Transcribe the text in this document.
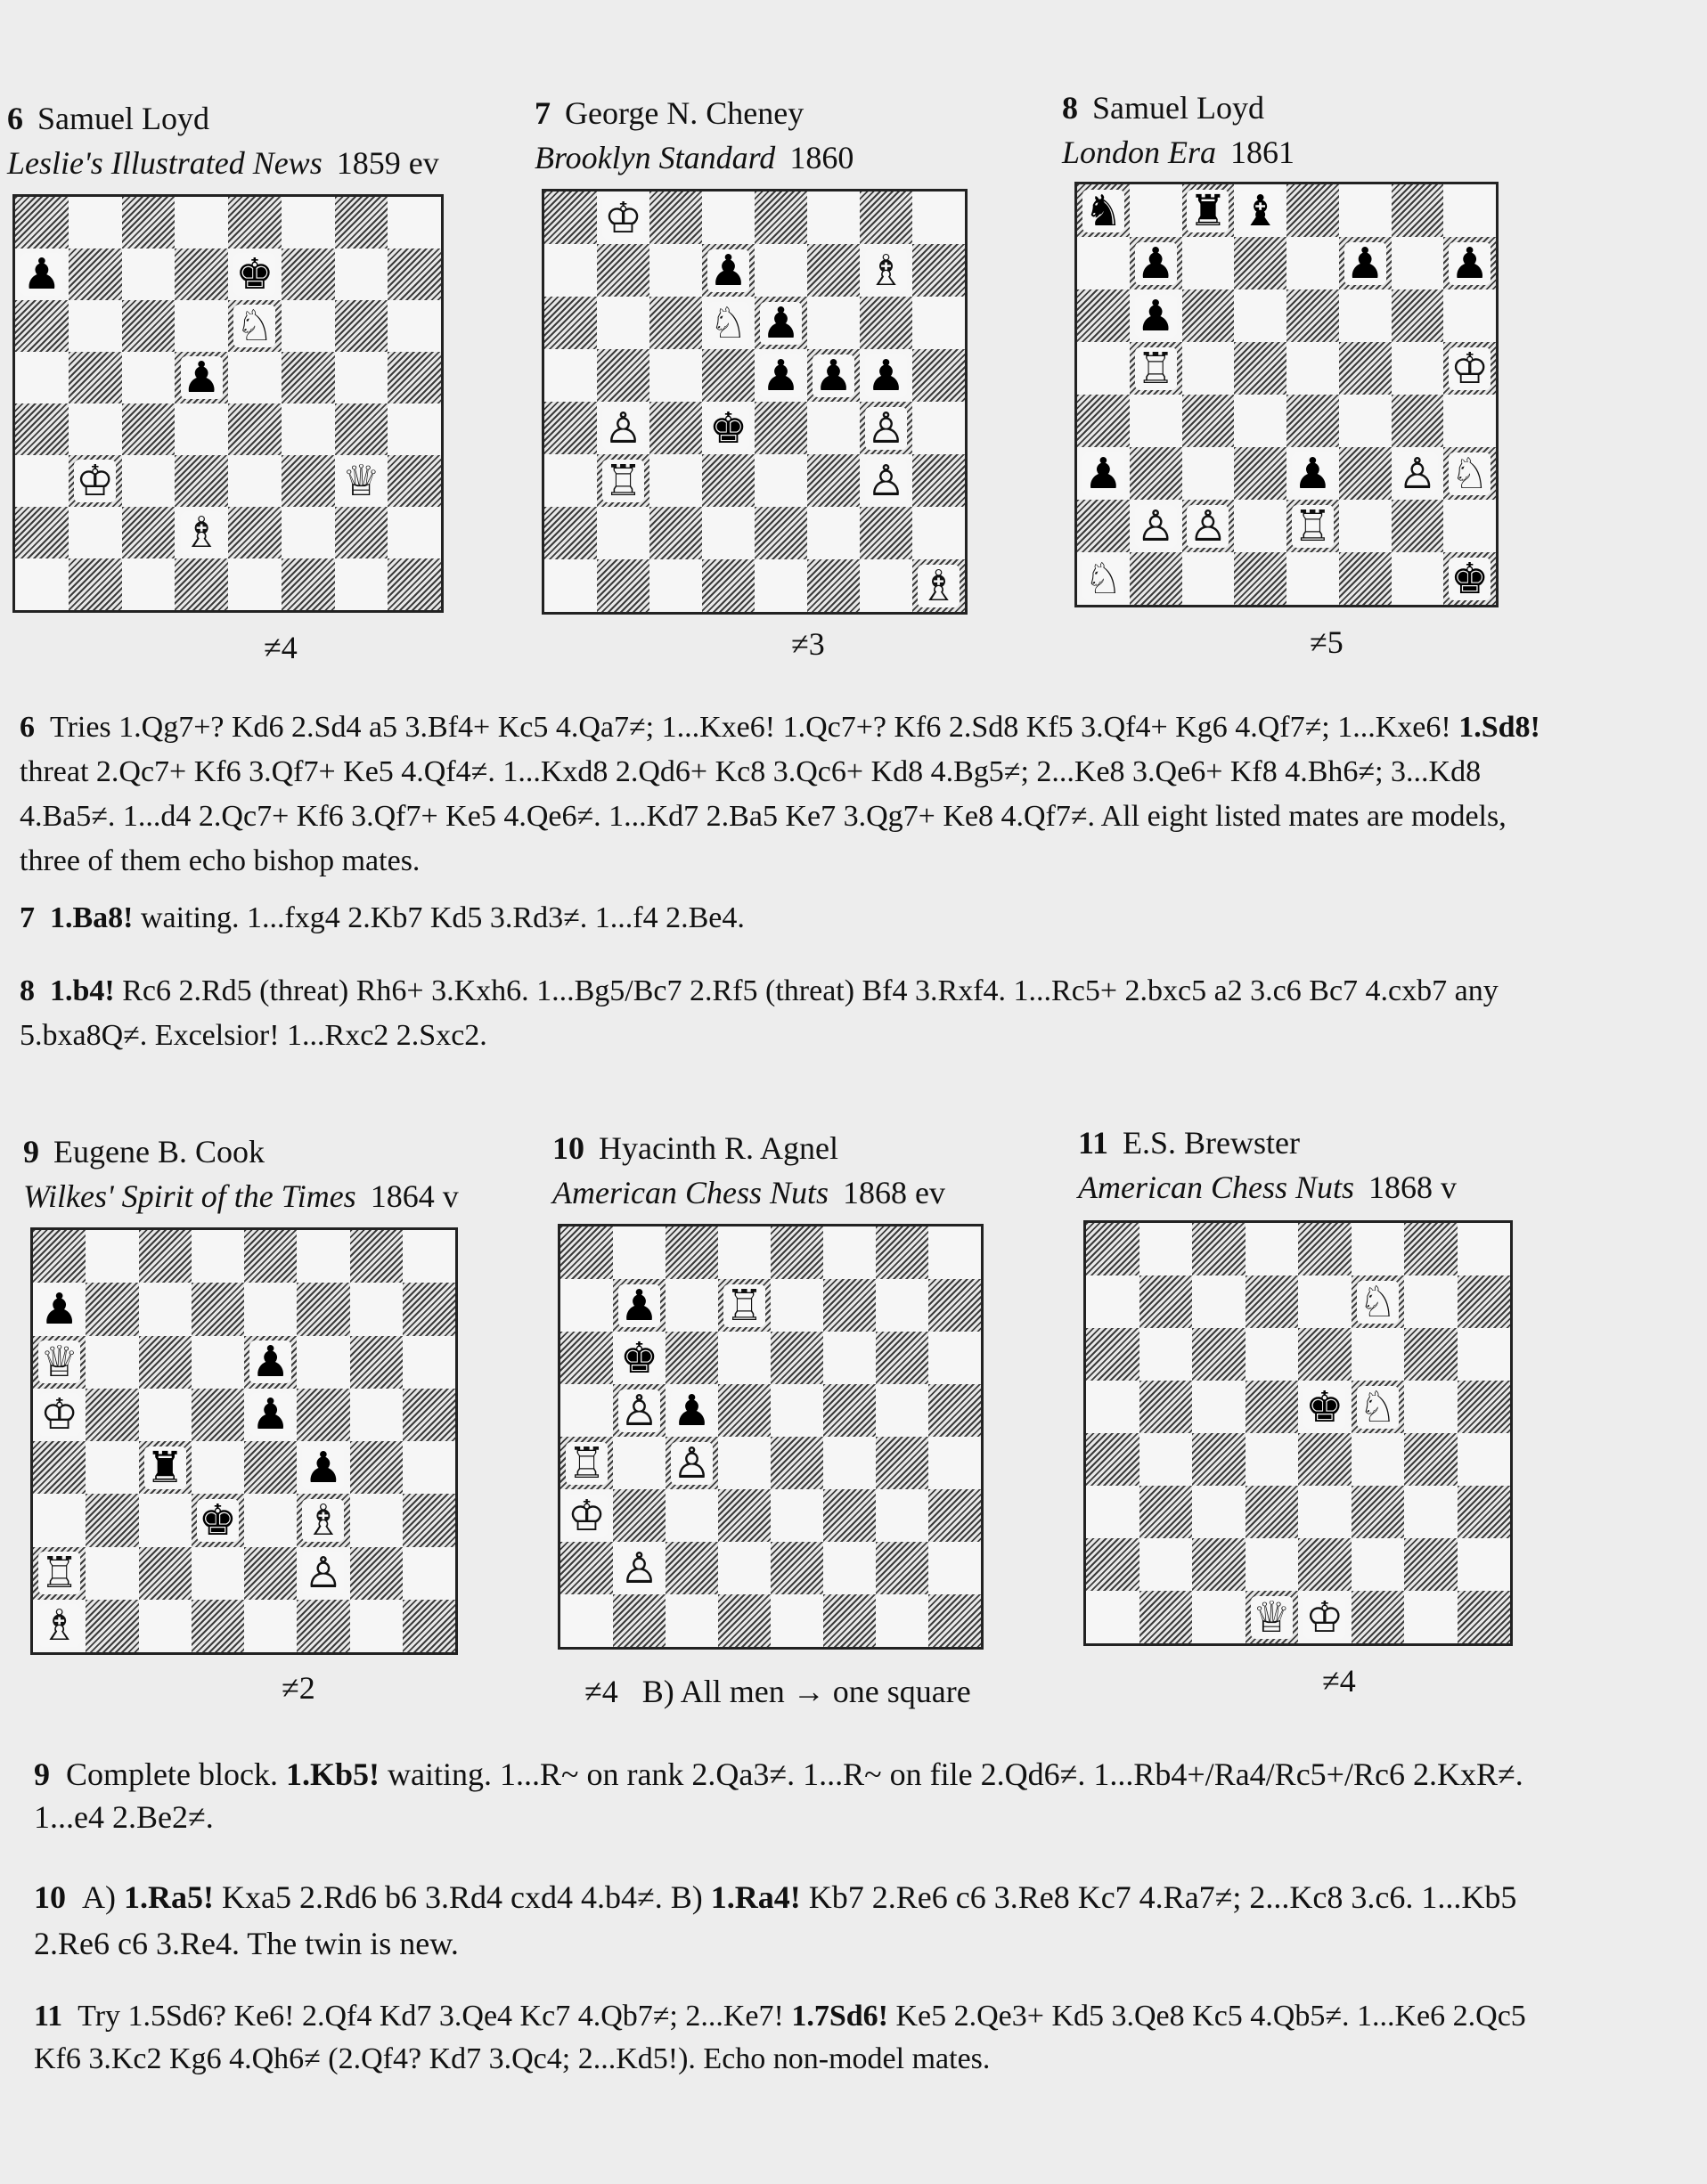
6 Samuel Loyd
Leslie's Illustrated News 1859 ev
7 George N. Cheney
Brooklyn Standard 1860
8 Samuel Loyd
London Era 1861
♟	♚
♘
♟
♔	♕
♗
♔
♟	♗
♘ ♟
♟ ♟ ♟
♙ ♚	♙
♖	♙
♗
♞ ♜ ♝
♟	♟ ♟
♟
♖	♔
♟	♟ ♙ ♘
♙ ♙ ♖
♘	♚
≠4	≠3	≠5

6 Tries 1.Qg7+? Kd6 2.Sd4 a5 3.Bf4+ Kc5 4.Qa7≠; 1...Kxe6! 1.Qc7+? Kf6 2.Sd8 Kf5 3.Qf4+ Kg6 4.Qf7≠; 1...Kxe6! 1.Sd8! threat 2.Qc7+ Kf6 3.Qf7+ Ke5 4.Qf4≠. 1...Kxd8 2.Qd6+ Kc8 3.Qc6+ Kd8 4.Bg5≠; 2...Ke8 3.Qe6+ Kf8 4.Bh6≠; 3...Kd8 4.Ba5≠. 1...d4 2.Qc7+ Kf6 3.Qf7+ Ke5 4.Qe6≠. 1...Kd7 2.Ba5 Ke7 3.Qg7+ Ke8 4.Qf7≠. All eight listed mates are models, three of them echo bishop mates.

7 1.Ba8! waiting. 1...fxg4 2.Kb7 Kd5 3.Rd3≠. 1...f4 2.Be4.

8 1.b4! Rc6 2.Rd5 (threat) Rh6+ 3.Kxh6. 1...Bg5/Bc7 2.Rf5 (threat) Bf4 3.Rxf4. 1...Rc5+ 2.bxc5 a2 3.c6 Bc7 4.cxb7 any 5.bxa8Q≠. Excelsior! 1...Rxc2 2.Sxc2.

9 Eugene B. Cook
Wilkes' Spirit of the Times 1864 v
10 Hyacinth R. Agnel
American Chess Nuts 1868 ev
11 E.S. Brewster
American Chess Nuts 1868 v
♟
♕	♟
♔	♟
♜	♟
♚ ♗
♖	♙
♗
♟ ♖
♚
♙ ♟
♖ ♙
♔
♙
♘
♚ ♘
♕ ♔
≠2	≠4 B) All men → one square	≠4

9 Complete block. 1.Kb5! waiting. 1...R~ on rank 2.Qa3≠. 1...R~ on file 2.Qd6≠. 1...Rb4+/Ra4/Rc5+/Rc6 2.KxR≠. 1...e4 2.Be2≠.

10 A) 1.Ra5! Kxa5 2.Rd6 b6 3.Rd4 cxd4 4.b4≠. B) 1.Ra4! Kb7 2.Re6 c6 3.Re8 Kc7 4.Ra7≠; 2...Kc8 3.c6. 1...Kb5 2.Re6 c6 3.Re4. The twin is new.

11 Try 1.5Sd6? Ke6! 2.Qf4 Kd7 3.Qe4 Kc7 4.Qb7≠; 2...Ke7! 1.7Sd6! Ke5 2.Qe3+ Kd5 3.Qe8 Kc5 4.Qb5≠. 1...Ke6 2.Qc5 Kf6 3.Kc2 Kg6 4.Qh6≠ (2.Qf4? Kd7 3.Qc4; 2...Kd5!). Echo non-model mates.
